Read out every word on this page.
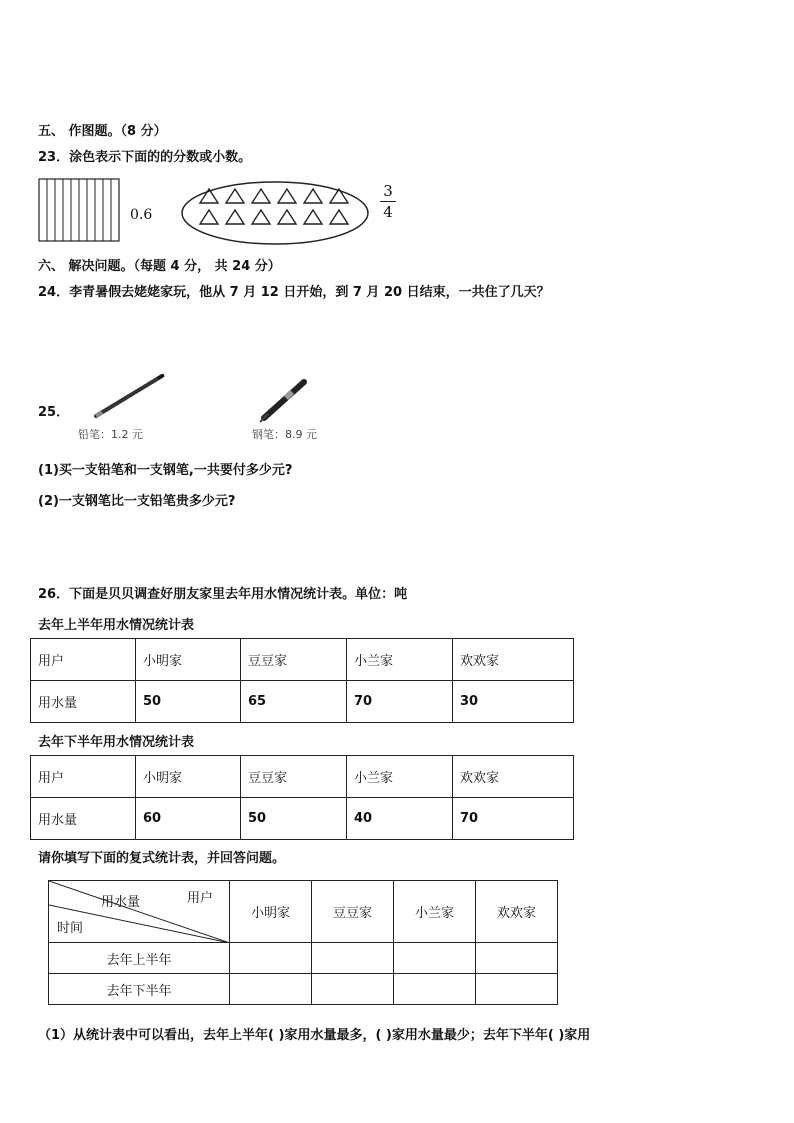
五、 作图题。（8 分）
23．涂色表示下面的的分数或小数。
0.6
3
4
六、 解决问题。（每题 4 分， 共 24 分）
24．李青暑假去姥姥家玩，他从 7 月 12 日开始，到 7 月 20 日结束，一共住了几天？
25．
铅笔：1.2 元	钢笔：8.9 元
(1)买一支铅笔和一支钢笔,一共要付多少元?
(2)一支钢笔比一支铅笔贵多少元?
26．下面是贝贝调查好朋友家里去年用水情况统计表。单位：吨
去年上半年用水情况统计表
用户	小明家	豆豆家	小兰家	欢欢家
用水量	50	65	70	30
去年下半年用水情况统计表
用户	小明家	豆豆家	小兰家	欢欢家
用水量	60	50	40	70
请你填写下面的复式统计表，并回答问题。
用户
用水量
时间	小明家	豆豆家	小兰家	欢欢家
去年上半年				
去年下半年				
（1）从统计表中可以看出，去年上半年( )家用水量最多，( )家用水量最少；去年下半年( )家用
